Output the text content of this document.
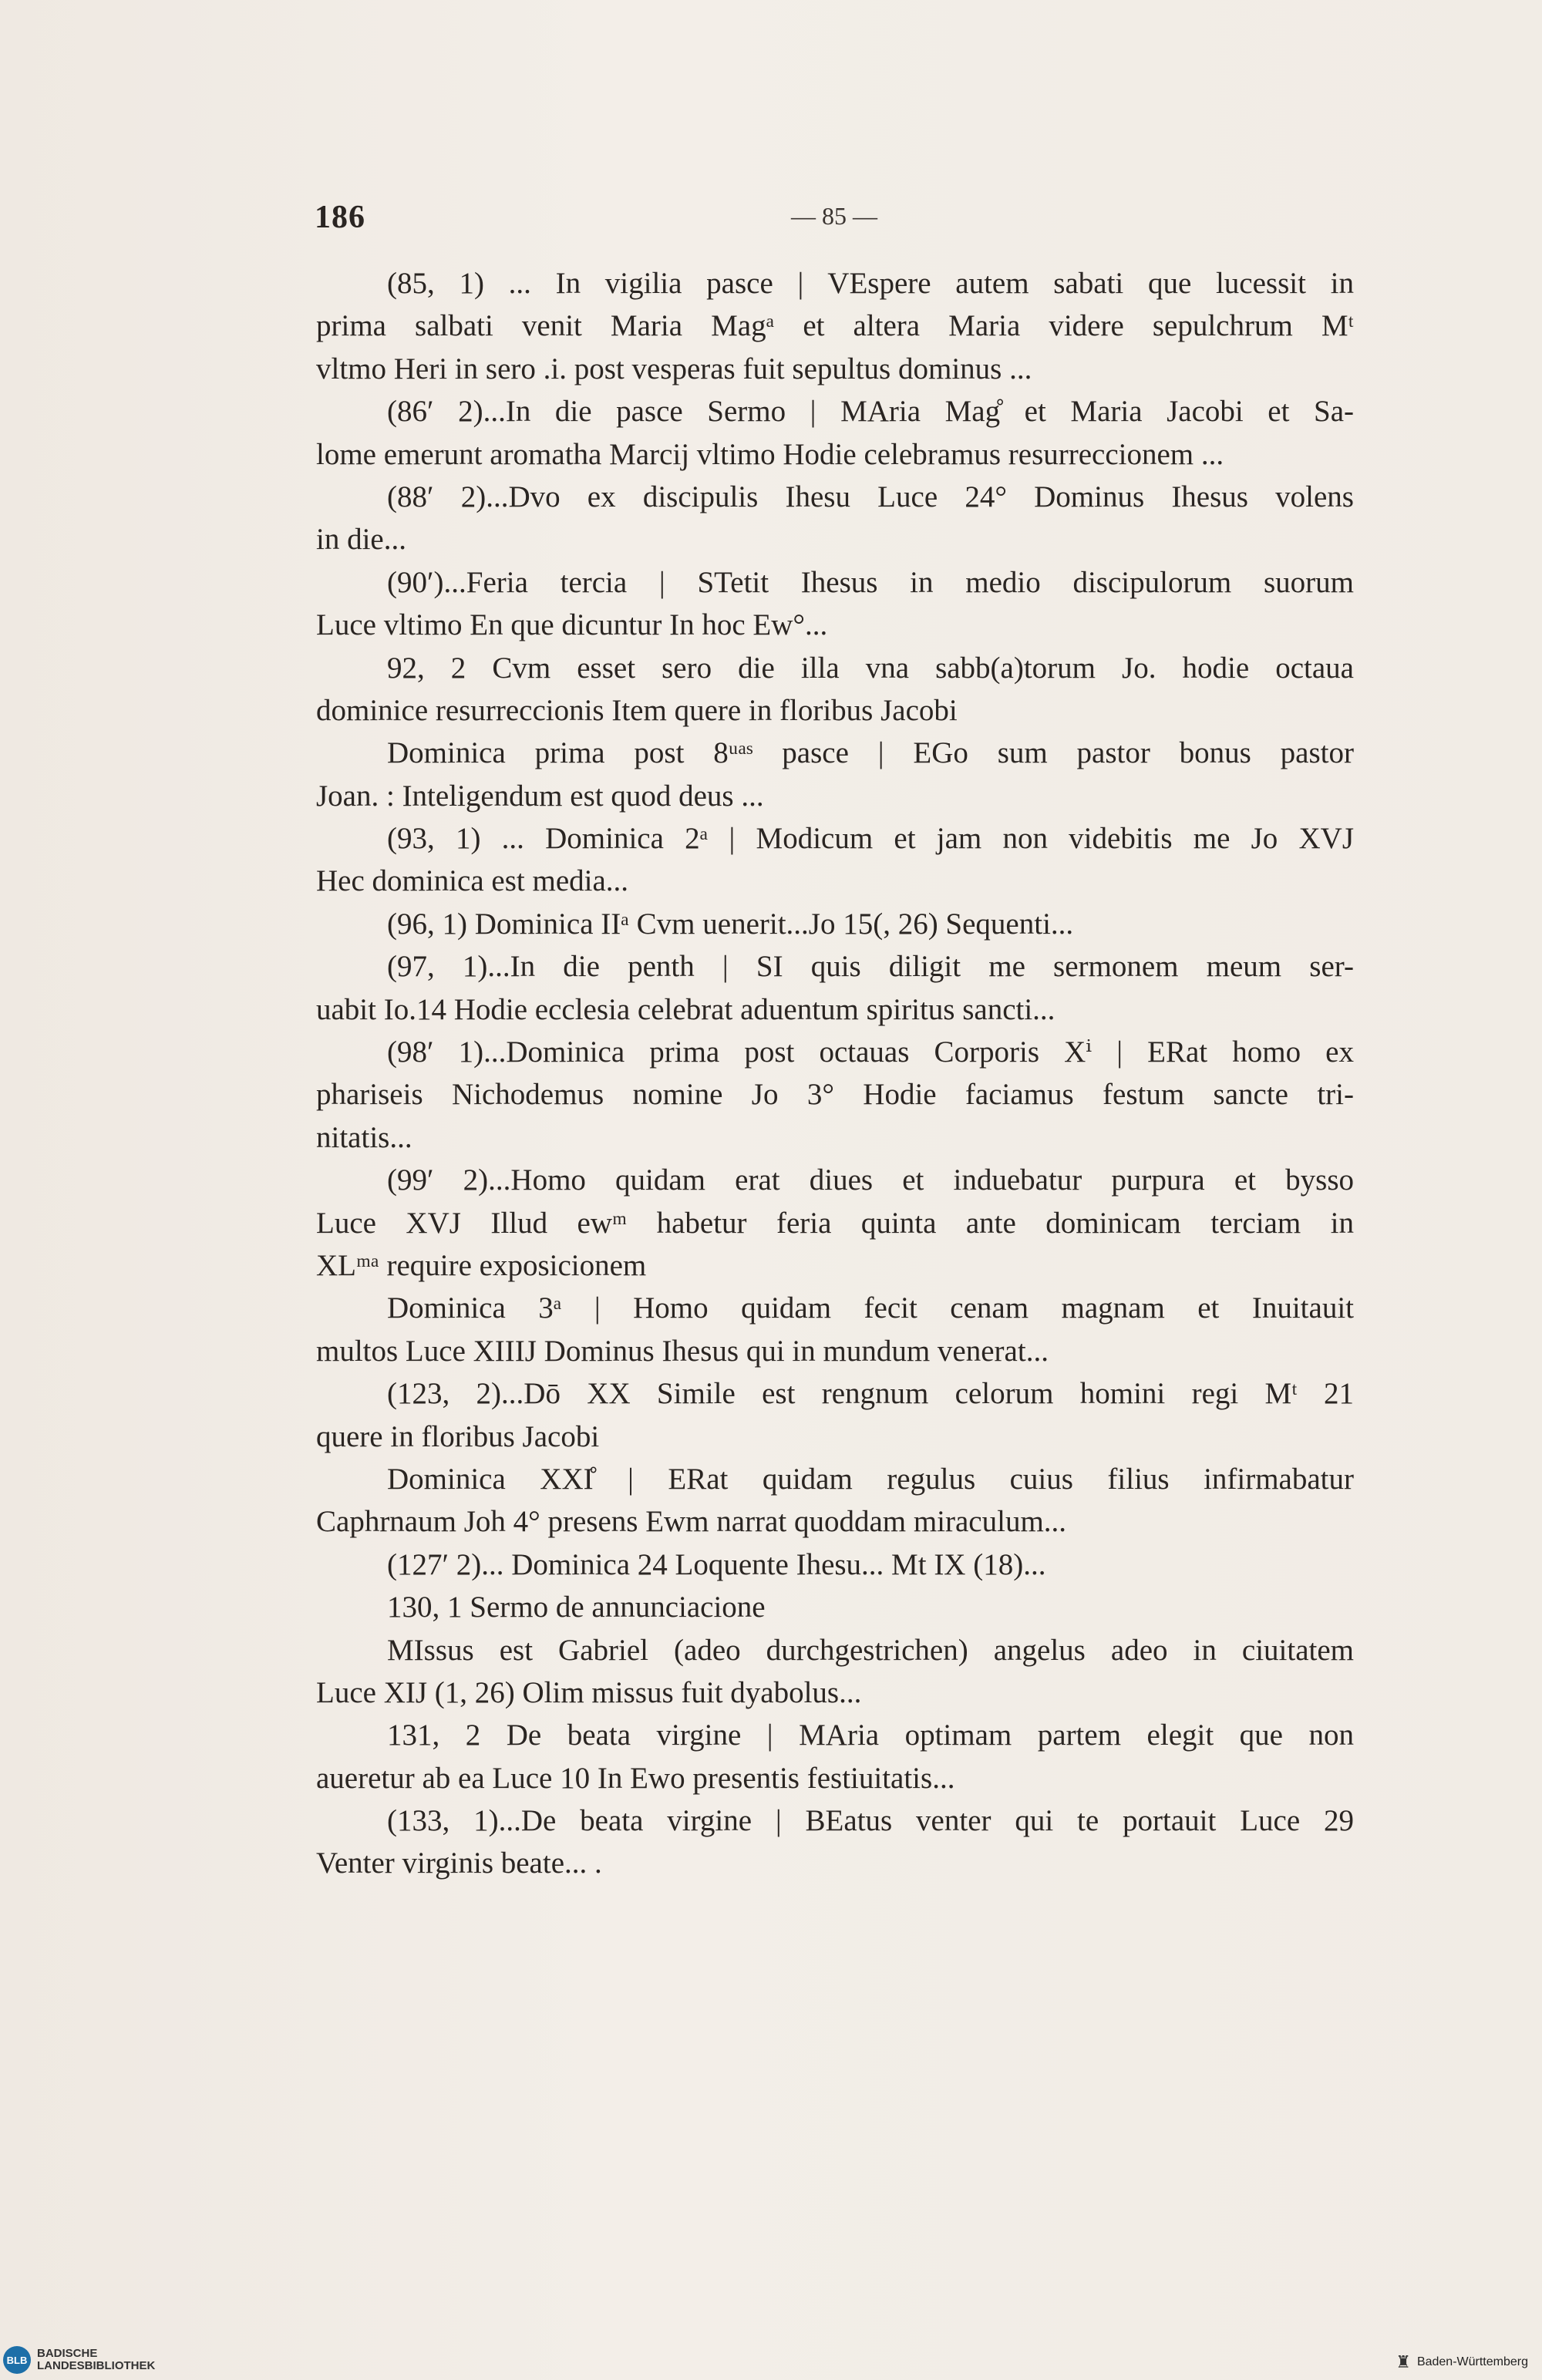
186	— 85 —
(85, 1) ... In vigilia pasce | VEspere autem sabati que lucessit in
prima salbati venit Maria Magᵃ et altera Maria videre sepulchrum Mᵗ
vltmo Heri in sero .i. post vesperas fuit sepultus dominus ...
(86′ 2)...In die pasce Sermo | MAria Mag̊ et Maria Jacobi et Sa-
lome emerunt aromatha Marcij vltimo Hodie celebramus resurreccionem ...
(88′ 2)...Dvo ex discipulis Ihesu Luce 24° Dominus Ihesus volens
in die...
(90′)...Feria tercia | STetit Ihesus in medio discipulorum suorum
Luce vltimo En que dicuntur In hoc Ew°...
92, 2 Cvm esset sero die illa vna sabb(a)torum Jo. hodie octaua
dominice resurreccionis Item quere in floribus Jacobi
Dominica prima post 8ᵘᵃˢ pasce | EGo sum pastor bonus pastor
Joan. : Inteligendum est quod deus ...
(93, 1) ... Dominica 2ᵃ | Modicum et jam non videbitis me Jo XVJ
Hec dominica est media...
(96, 1) Dominica IIᵃ Cvm uenerit...Jo 15(, 26) Sequenti...
(97, 1)...In die penth | SI quis diligit me sermonem meum ser-
uabit Io.14 Hodie ecclesia celebrat aduentum spiritus sancti...
(98′ 1)...Dominica prima post octauas Corporis Xⁱ | ERat homo ex
phariseis Nichodemus nomine Jo 3° Hodie faciamus festum sancte tri-
nitatis...
(99′ 2)...Homo quidam erat diues et induebatur purpura et bysso
Luce XVJ Illud ewᵐ habetur feria quinta ante dominicam terciam in
XLᵐᵃ require exposicionem
Dominica 3ᵃ | Homo quidam fecit cenam magnam et Inuitauit
multos Luce XIIIJ Dominus Ihesus qui in mundum venerat...
(123, 2)...Dō XX Simile est rengnum celorum homini regi Mᵗ 21
quere in floribus Jacobi
Dominica XXI̊ | ERat quidam regulus cuius filius infirmabatur
Caphrnaum Joh 4° presens Ewm narrat quoddam miraculum...
(127′ 2)... Dominica 24 Loquente Ihesu... Mt IX (18)...
130, 1 Sermo de annunciacione
MIssus est Gabriel (adeo durchgestrichen) angelus adeo in ciuitatem
Luce XIJ (1, 26) Olim missus fuit dyabolus...
131, 2 De beata virgine | MAria optimam partem elegit que non
aueretur ab ea Luce 10 In Ewo presentis festiuitatis...
(133, 1)...De beata virgine | BEatus venter qui te portauit Luce 29
Venter virginis beate... .
BLB BADISCHE
LANDESBIBLIOTHEK	♜ Baden-Württemberg
